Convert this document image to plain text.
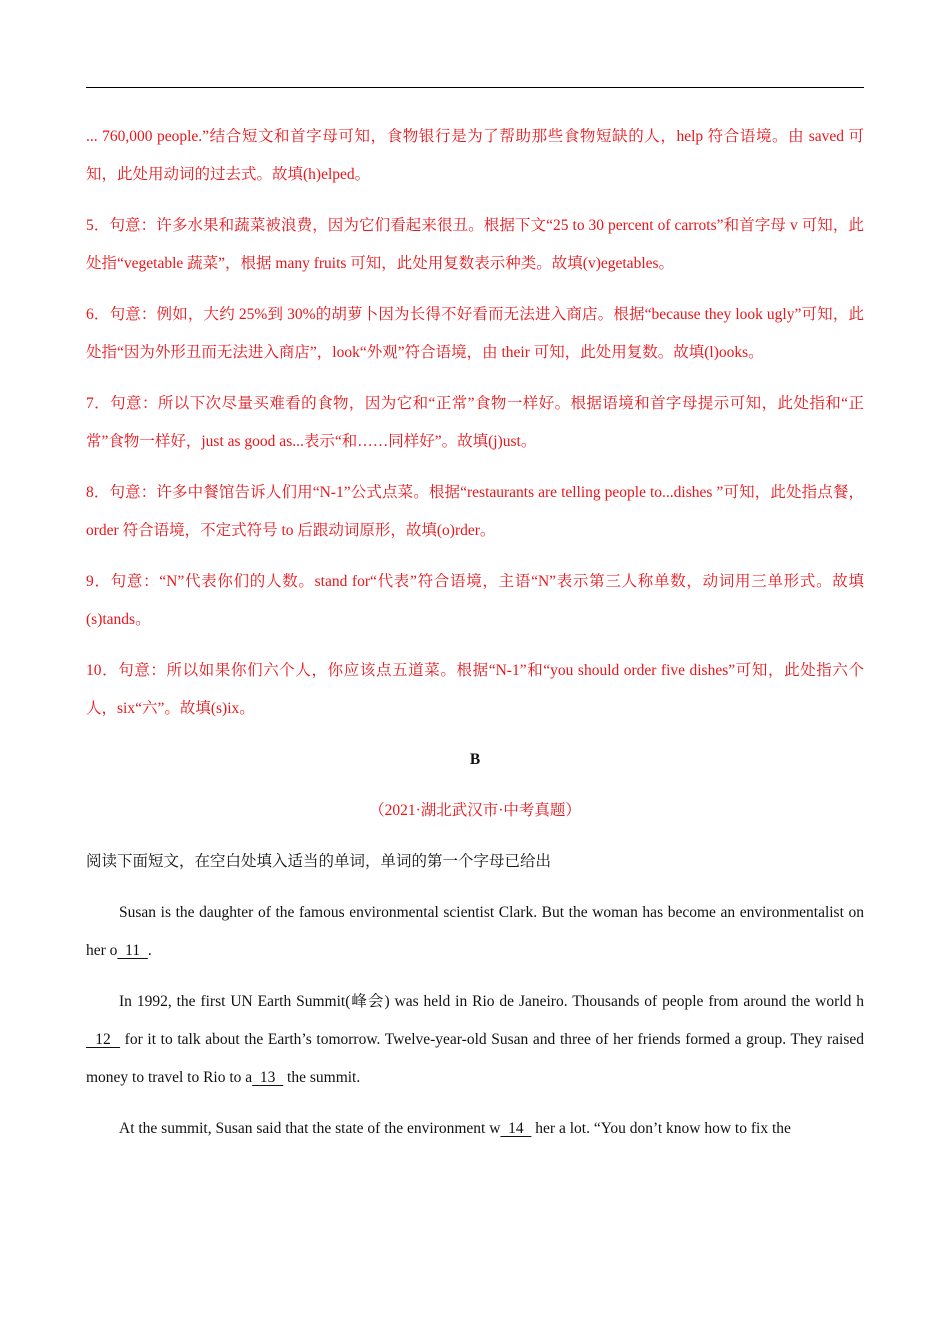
... 760,000 people.”结合短文和首字母可知，食物银行是为了帮助那些食物短缺的人，help 符合语境。由 saved 可知，此处用动词的过去式。故填(h)elped。

5．句意：许多水果和蔬菜被浪费，因为它们看起来很丑。根据下文“25 to 30 percent of carrots”和首字母 v 可知，此处指“vegetable 蔬菜”，根据 many fruits 可知，此处用复数表示种类。故填(v)egetables。

6．句意：例如，大约 25%到 30%的胡萝卜因为长得不好看而无法进入商店。根据“because they look ugly”可知，此处指“因为外形丑而无法进入商店”，look“外观”符合语境，由 their 可知，此处用复数。故填(l)ooks。

7．句意：所以下次尽量买难看的食物，因为它和“正常”食物一样好。根据语境和首字母提示可知，此处指和“正常”食物一样好，just as good as...表示“和……同样好”。故填(j)ust。

8．句意：许多中餐馆告诉人们用“N-1”公式点菜。根据“restaurants are telling people to...dishes ”可知，此处指点餐，order 符合语境，不定式符号 to 后跟动词原形，故填(o)rder。

9．句意：“N”代表你们的人数。stand for“代表”符合语境，主语“N”表示第三人称单数，动词用三单形式。故填(s)tands。

10．句意：所以如果你们六个人，你应该点五道菜。根据“N-1”和“you should order five dishes”可知，此处指六个人，six“六”。故填(s)ix。

B

（2021·湖北武汉市·中考真题）

阅读下面短文，在空白处填入适当的单词，单词的第一个字母已给出

Susan is the daughter of the famous environmental scientist Clark. But the woman has become an environmentalist on her o  11  .

In 1992, the first UN Earth Summit(峰会) was held in Rio de Janeiro. Thousands of people from around the world h  12   for it to talk about the Earth’s tomorrow. Twelve-year-old Susan and three of her friends formed a group. They raised money to travel to Rio to a  13   the summit.

At the summit, Susan said that the state of the environment w  14   her a lot. “You don’t know how to fix the
